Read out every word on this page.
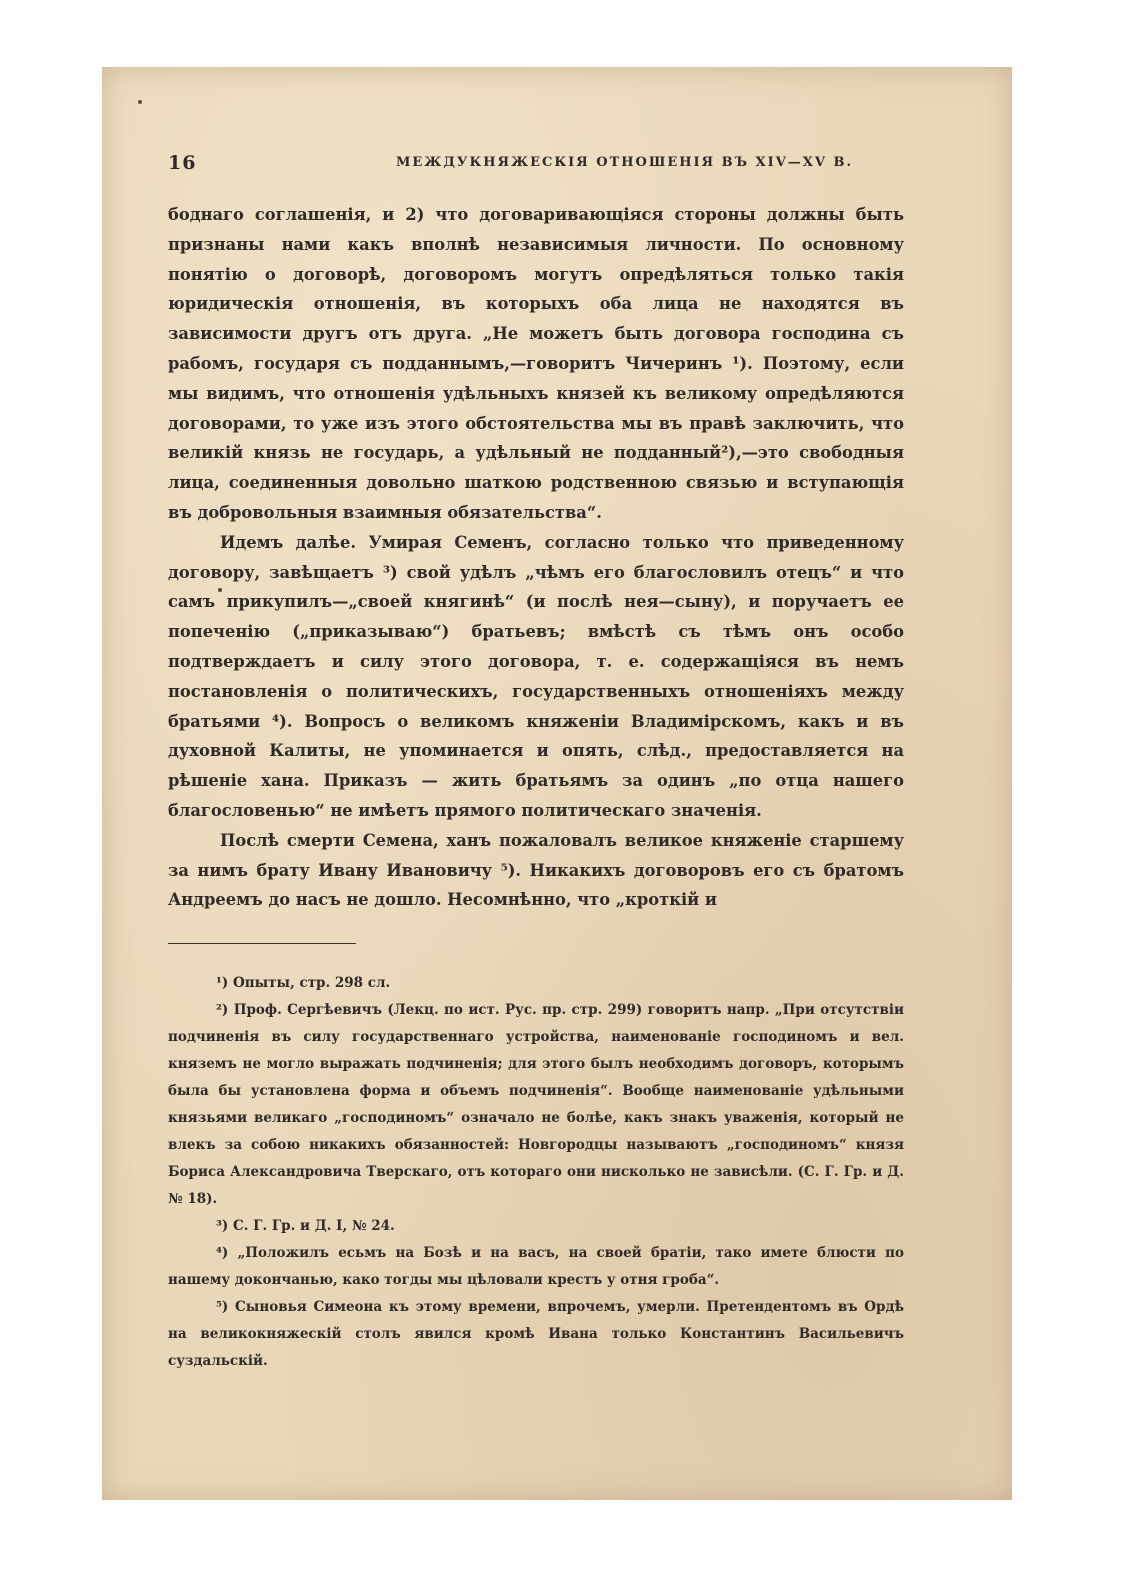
16	МЕЖДУКНЯЖЕСКІЯ ОТНОШЕНІЯ ВЪ XIV—XV В.

боднаго соглашенія, и 2) что договаривающіяся стороны должны быть признаны нами какъ вполнѣ независимыя личности. По основному понятію о договорѣ, договоромъ могутъ опредѣляться только такія юридическія отношенія, въ которыхъ оба лица не находятся въ зависимости другъ отъ друга. „Не можетъ быть договора господина съ рабомъ, государя съ подданнымъ,—говоритъ Чичеринъ ¹). Поэтому, если мы видимъ, что отношенія удѣльныхъ князей къ великому опредѣляются договорами, то уже изъ этого обстоятельства мы въ правѣ заключить, что великій князь не государь, а удѣльный не подданный²),—это свободныя лица, соединенныя довольно шаткою родственною связью и вступающія въ добровольныя взаимныя обязательства“.

Идемъ далѣе. Умирая Семенъ, согласно только что приведенному договору, завѣщаетъ ³) свой удѣлъ „чѣмъ его благословилъ отецъ“ и что самъ прикупилъ—„своей княгинѣ“ (и послѣ нея—сыну), и поручаетъ ее попеченію („приказываю“) братьевъ; вмѣстѣ съ тѣмъ онъ особо подтверждаетъ и силу этого договора, т. е. содержащіяся въ немъ постановленія о политическихъ, государственныхъ отношеніяхъ между братьями ⁴). Вопросъ о великомъ княженіи Владимірскомъ, какъ и въ духовной Калиты, не упоминается и опять, слѣд., предоставляется на рѣшеніе хана. Приказъ — жить братьямъ за одинъ „по отца нашего благословенью“ не имѣетъ прямого политическаго значенія.

Послѣ смерти Семена, ханъ пожаловалъ великое княженіе старшему за нимъ брату Ивану Ивановичу ⁵). Никакихъ договоровъ его съ братомъ Андреемъ до насъ не дошло. Несомнѣнно, что „кроткій и

¹) Опыты, стр. 298 сл.

²) Проф. Сергѣевичъ (Лекц. по ист. Рус. пр. стр. 299) говоритъ напр. „При отсутствіи подчиненія въ силу государственнаго устройства, наименованіе господиномъ и вел. княземъ не могло выражать подчиненія; для этого былъ необходимъ договоръ, которымъ была бы установлена форма и объемъ подчиненія“. Вообще наименованіе удѣльными князьями великаго „господиномъ“ означало не болѣе, какъ знакъ уваженія, который не влекъ за собою никакихъ обязанностей: Новгородцы называютъ „господиномъ“ князя Бориса Александровича Тверскаго, отъ котораго они нисколько не зависѣли. (С. Г. Гр. и Д. № 18).

³) С. Г. Гр. и Д. I, № 24.

⁴) „Положилъ есьмъ на Бозѣ и на васъ, на своей братіи, тако имете блюсти по нашему докончанью, како тогды мы цѣловали крестъ у отня гроба“.

⁵) Сыновья Симеона къ этому времени, впрочемъ, умерли. Претендентомъ въ Ордѣ на великокняжескій столъ явился кромѣ Ивана только Константинъ Васильевичъ суздальскій.
